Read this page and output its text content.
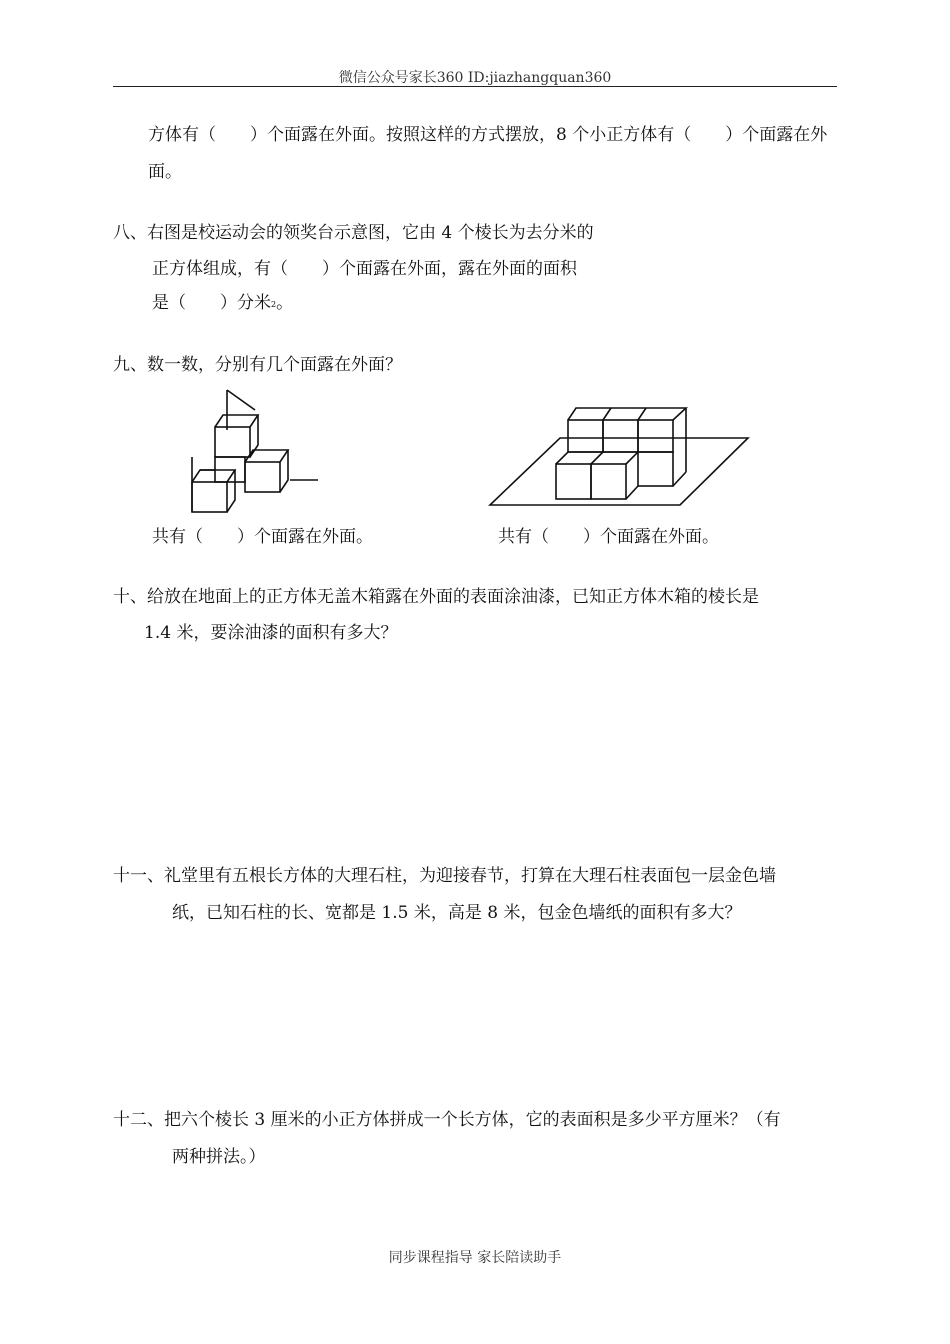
微信公众号家长360 ID:jiazhangquan360
方体有（　　）个面露在外面。按照这样的方式摆放，8 个小正方体有（　　）个面露在外
面。
八、右图是校运动会的领奖台示意图，它由 4 个棱长为去分米的
正方体组成，有（　　）个面露在外面，露在外面的面积
是（　　）分米$^2$。
九、数一数，分别有几个面露在外面？
共有（　　）个面露在外面。	共有（　　）个面露在外面。
十、给放在地面上的正方体无盖木箱露在外面的表面涂油漆，已知正方体木箱的棱长是
1.4 米，要涂油漆的面积有多大？
十一、礼堂里有五根长方体的大理石柱，为迎接春节，打算在大理石柱表面包一层金色墙
纸，已知石柱的长、宽都是 1.5 米，高是 8 米，包金色墙纸的面积有多大？
十二、把六个棱长 3 厘米的小正方体拼成一个长方体，它的表面积是多少平方厘米？（有
两种拼法。）
同步课程指导 家长陪读助手
